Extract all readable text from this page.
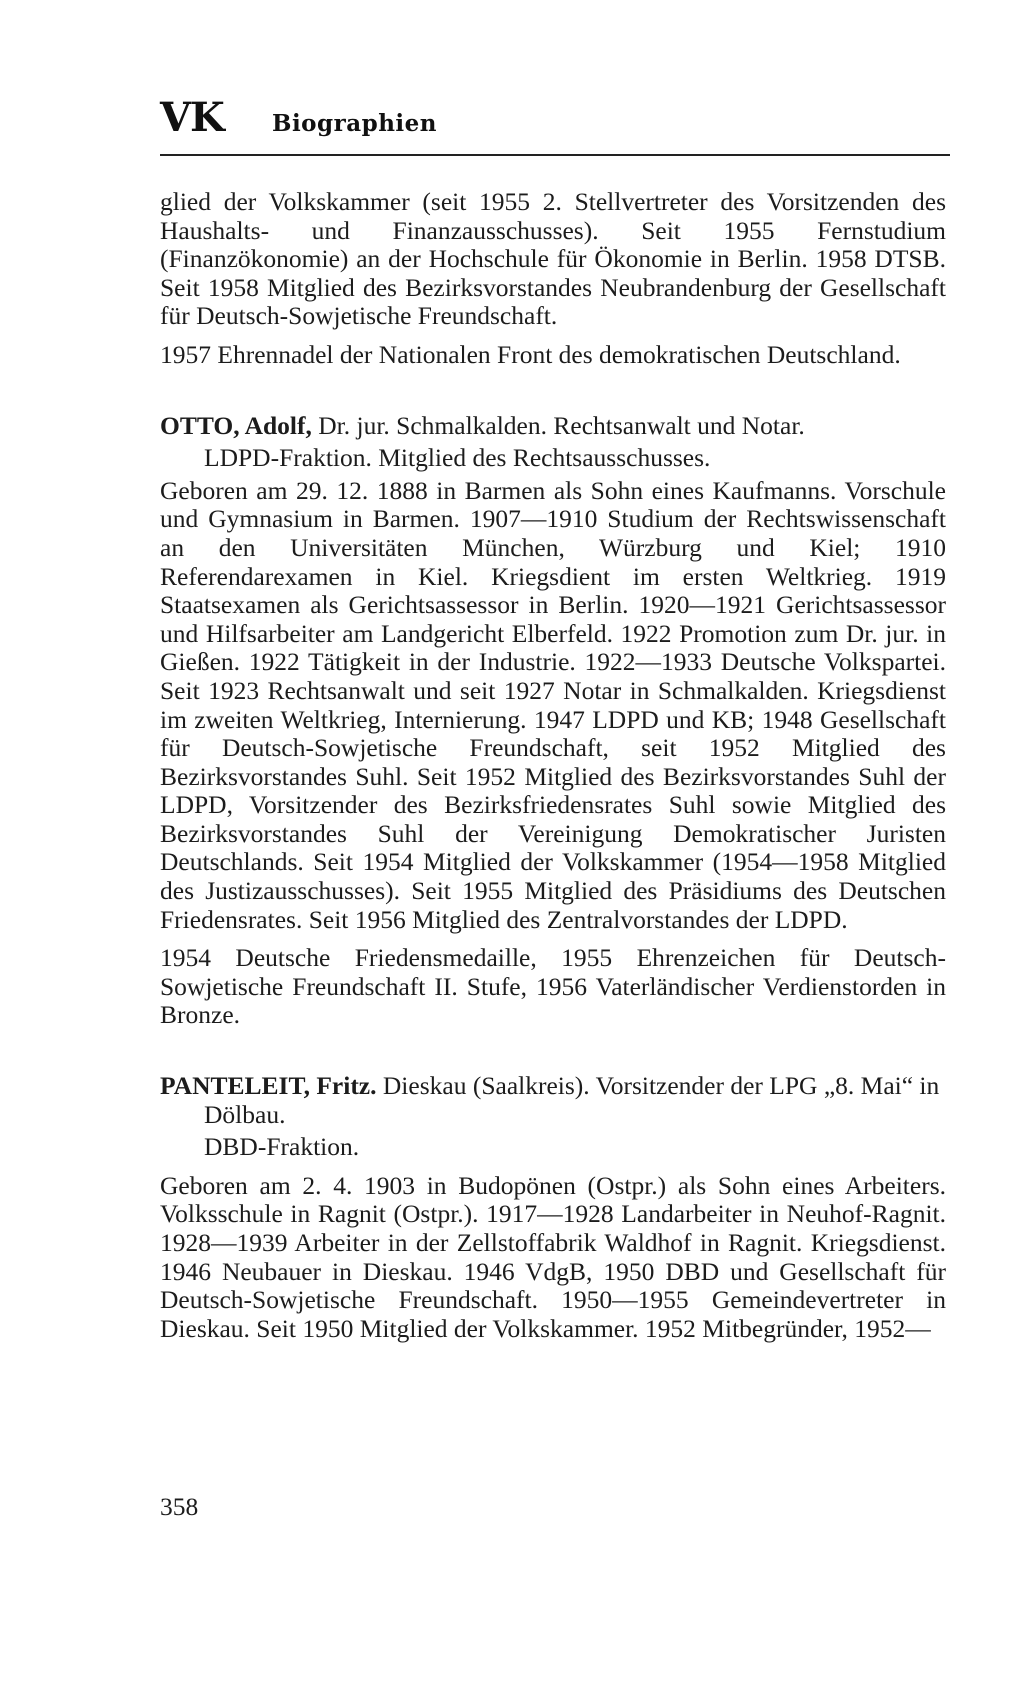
VK Biographien

glied der Volkskammer (seit 1955 2. Stellvertreter des Vorsitzenden des Haushalts- und Finanzausschusses). Seit 1955 Fernstudium (Finanzökonomie) an der Hochschule für Ökonomie in Berlin. 1958 DTSB. Seit 1958 Mitglied des Bezirksvorstandes Neubrandenburg der Gesellschaft für Deutsch-Sowjetische Freundschaft.

1957 Ehrennadel der Nationalen Front des demokratischen Deutschland.

OTTO, Adolf, Dr. jur. Schmalkalden. Rechtsanwalt und Notar.

LDPD-Fraktion. Mitglied des Rechtsausschusses.

Geboren am 29. 12. 1888 in Barmen als Sohn eines Kaufmanns. Vorschule und Gymnasium in Barmen. 1907—1910 Studium der Rechtswissenschaft an den Universitäten München, Würzburg und Kiel; 1910 Referendarexamen in Kiel. Kriegsdient im ersten Weltkrieg. 1919 Staatsexamen als Gerichtsassessor in Berlin. 1920—1921 Gerichtsassessor und Hilfsarbeiter am Landgericht Elberfeld. 1922 Promotion zum Dr. jur. in Gießen. 1922 Tätigkeit in der Industrie. 1922—1933 Deutsche Volkspartei. Seit 1923 Rechtsanwalt und seit 1927 Notar in Schmalkalden. Kriegsdienst im zweiten Weltkrieg, Internierung. 1947 LDPD und KB; 1948 Gesellschaft für Deutsch-Sowjetische Freundschaft, seit 1952 Mitglied des Bezirksvorstandes Suhl. Seit 1952 Mitglied des Bezirksvorstandes Suhl der LDPD, Vorsitzender des Bezirksfriedensrates Suhl sowie Mitglied des Bezirksvorstandes Suhl der Vereinigung Demokratischer Juristen Deutschlands. Seit 1954 Mitglied der Volkskammer (1954—1958 Mitglied des Justizausschusses). Seit 1955 Mitglied des Präsidiums des Deutschen Friedensrates. Seit 1956 Mitglied des Zentralvorstandes der LDPD.

1954 Deutsche Friedensmedaille, 1955 Ehrenzeichen für Deutsch-Sowjetische Freundschaft II. Stufe, 1956 Vaterländischer Verdienstorden in Bronze.

PANTELEIT, Fritz. Dieskau (Saalkreis). Vorsitzender der LPG „8. Mai“ in Dölbau.

DBD-Fraktion.

Geboren am 2. 4. 1903 in Budopönen (Ostpr.) als Sohn eines Arbeiters. Volksschule in Ragnit (Ostpr.). 1917—1928 Landarbeiter in Neuhof-Ragnit. 1928—1939 Arbeiter in der Zellstoffabrik Waldhof in Ragnit. Kriegsdienst. 1946 Neubauer in Dieskau. 1946 VdgB, 1950 DBD und Gesellschaft für Deutsch-Sowjetische Freundschaft. 1950—1955 Gemeindevertreter in Dieskau. Seit 1950 Mitglied der Volkskammer. 1952 Mitbegründer, 1952—

358
